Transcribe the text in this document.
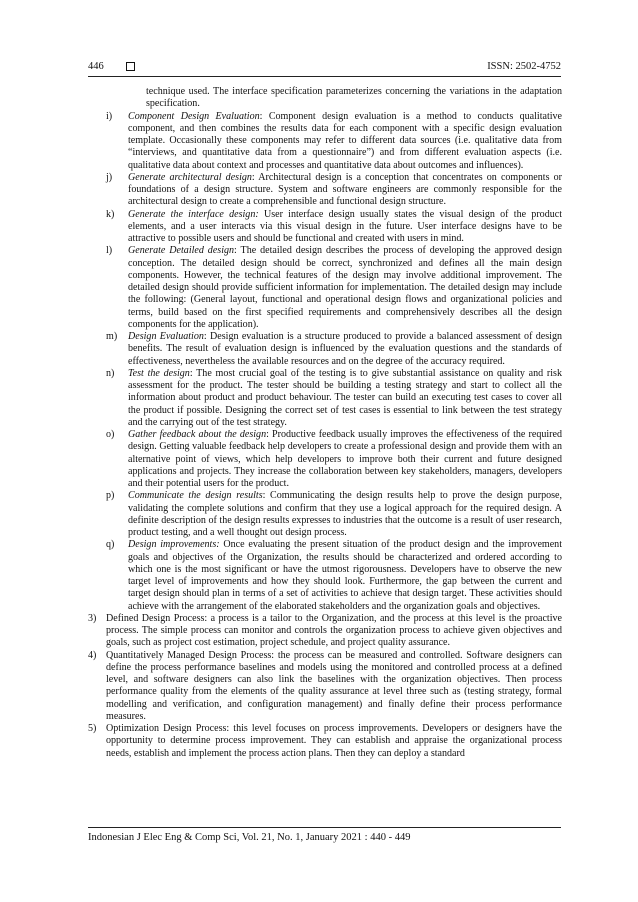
446	ISSN: 2502-4752
technique used. The interface specification parameterizes concerning the variations in the adaptation specification.
i)	Component Design Evaluation: Component design evaluation is a method to conducts qualitative component, and then combines the results data for each component with a specific design evaluation template. Occasionally these components may refer to different data sources (i.e. qualitative data from “interviews, and quantitative data from a questionnaire”) and from different evaluation aspects (i.e. qualitative data about context and processes and quantitative data about outcomes and influences).
j)	Generate architectural design: Architectural design is a conception that concentrates on components or foundations of a design structure. System and software engineers are commonly responsible for the architectural design to create a comprehensible and functional design structure.
k)	Generate the interface design: User interface design usually states the visual design of the product elements, and a user interacts via this visual design in the future. User interface designs have to be attractive to possible users and should be functional and created with users in mind.
l)	Generate Detailed design: The detailed design describes the process of developing the approved design conception. The detailed design should be correct, synchronized and defines all the main design components. However, the technical features of the design may involve additional improvement. The detailed design should provide sufficient information for implementation. The detailed design may include the following: (General layout, functional and operational design flows and organizational policies and terms, build based on the first specified requirements and comprehensively describes all the design components for the application).
m)	Design Evaluation: Design evaluation is a structure produced to provide a balanced assessment of design benefits. The result of evaluation design is influenced by the evaluation questions and the standards of effectiveness, nevertheless the available resources and on the degree of the accuracy required.
n)	Test the design: The most crucial goal of the testing is to give substantial assistance on quality and risk assessment for the product. The tester should be building a testing strategy and start to collect all the information about product and product behaviour. The tester can build an executing test cases to cover all the product if possible. Designing the correct set of test cases is essential to link between the test strategy and the carrying out of the test strategy.
o)	Gather feedback about the design: Productive feedback usually improves the effectiveness of the required design. Getting valuable feedback help developers to create a professional design and provide them with an alternative point of views, which help developers to improve both their current and future designed applications and projects. They increase the collaboration between key stakeholders, managers, developers and their potential users for the product.
p)	Communicate the design results: Communicating the design results help to prove the design purpose, validating the complete solutions and confirm that they use a logical approach for the required design. A definite description of the design results expresses to industries that the outcome is a result of user research, product testing, and a well thought out design process.
q)	Design improvements: Once evaluating the present situation of the product design and the improvement goals and objectives of the Organization, the results should be characterized and ordered according to which one is the most significant or have the utmost rigorousness. Developers have to observe the new target level of improvements and how they should look. Furthermore, the gap between the current and target design should plan in terms of a set of activities to achieve that design target. These activities should achieve with the arrangement of the elaborated stakeholders and the organization goals and objectives.
3) Defined Design Process: a process is a tailor to the Organization, and the process at this level is the proactive process. The simple process can monitor and controls the organization process to achieve given objectives and goals, such as project cost estimation, project schedule, and project quality assurance.
4) Quantitatively Managed Design Process: the process can be measured and controlled. Software designers can define the process performance baselines and models using the monitored and controlled process at a defined level, and software designers can also link the baselines with the organization objectives. Then process performance quality from the elements of the quality assurance at level three such as (testing strategy, formal modelling and verification, and configuration management) and finally define their process performance measures.
5) Optimization Design Process: this level focuses on process improvements. Developers or designers have the opportunity to determine process improvement. They can establish and appraise the organizational process needs, establish and implement the process action plans. Then they can deploy a standard
Indonesian J Elec Eng & Comp Sci, Vol. 21, No. 1, January 2021 : 440 - 449
